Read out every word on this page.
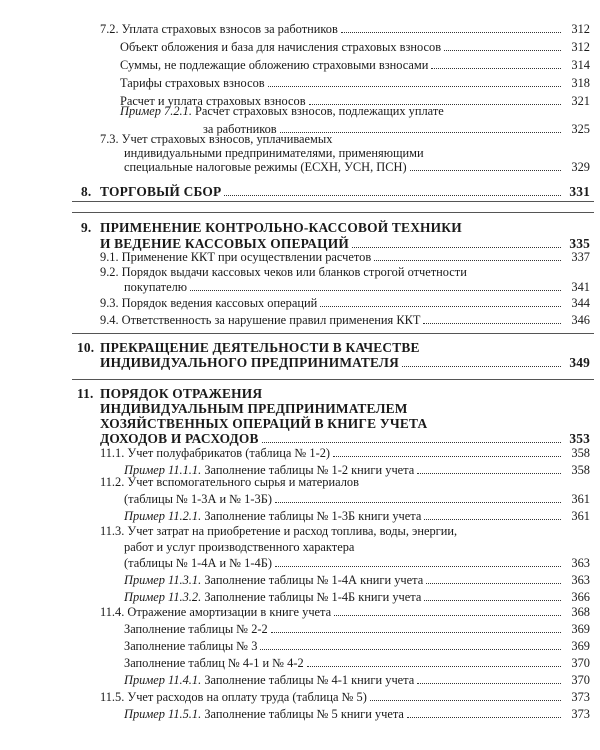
7.2. Уплата страховых взносов за работников	312
Объект обложения и база для начисления страховых взносов	312
Суммы, не подлежащие обложению страховыми взносами	314
Тарифы страховых взносов	318
Расчет и уплата страховых взносов	321
Пример 7.2.1. Расчет страховых взносов, подлежащих уплате
за работников	325
7.3. Учет страховых взносов, уплачиваемых
индивидуальными предпринимателями, применяющими
специальные налоговые режимы (ЕСХН, УСН, ПСН)	329
8. ТОРГОВЫЙ СБОР	331
9. ПРИМЕНЕНИЕ КОНТРОЛЬНО-КАССОВОЙ ТЕХНИКИ
И ВЕДЕНИЕ КАССОВЫХ ОПЕРАЦИЙ	335
9.1. Применение ККТ при осуществлении расчетов	337
9.2. Порядок выдачи кассовых чеков или бланков строгой отчетности
покупателю	341
9.3. Порядок ведения кассовых операций	344
9.4. Ответственность за нарушение правил применения ККТ	346
10. ПРЕКРАЩЕНИЕ ДЕЯТЕЛЬНОСТИ В КАЧЕСТВЕ
ИНДИВИДУАЛЬНОГО ПРЕДПРИНИМАТЕЛЯ	349
11. ПОРЯДОК ОТРАЖЕНИЯ
ИНДИВИДУАЛЬНЫМ ПРЕДПРИНИМАТЕЛЕМ
ХОЗЯЙСТВЕННЫХ ОПЕРАЦИЙ В КНИГЕ УЧЕТА
ДОХОДОВ И РАСХОДОВ	353
11.1. Учет полуфабрикатов (таблица № 1-2)	358
Пример 11.1.1. Заполнение таблицы № 1-2 книги учета	358
11.2. Учет вспомогательного сырья и материалов
(таблицы № 1-3А и № 1-3Б)	361
Пример 11.2.1. Заполнение таблицы № 1-3Б книги учета	361
11.3. Учет затрат на приобретение и расход топлива, воды, энергии,
работ и услуг производственного характера
(таблицы № 1-4А и № 1-4Б)	363
Пример 11.3.1. Заполнение таблицы № 1-4А книги учета	363
Пример 11.3.2. Заполнение таблицы № 1-4Б книги учета	366
11.4. Отражение амортизации в книге учета	368
Заполнение таблицы № 2-2	369
Заполнение таблицы № 3	369
Заполнение таблиц № 4-1 и № 4-2	370
Пример 11.4.1. Заполнение таблицы № 4-1 книги учета	370
11.5. Учет расходов на оплату труда (таблица № 5)	373
Пример 11.5.1. Заполнение таблицы № 5 книги учета	373
